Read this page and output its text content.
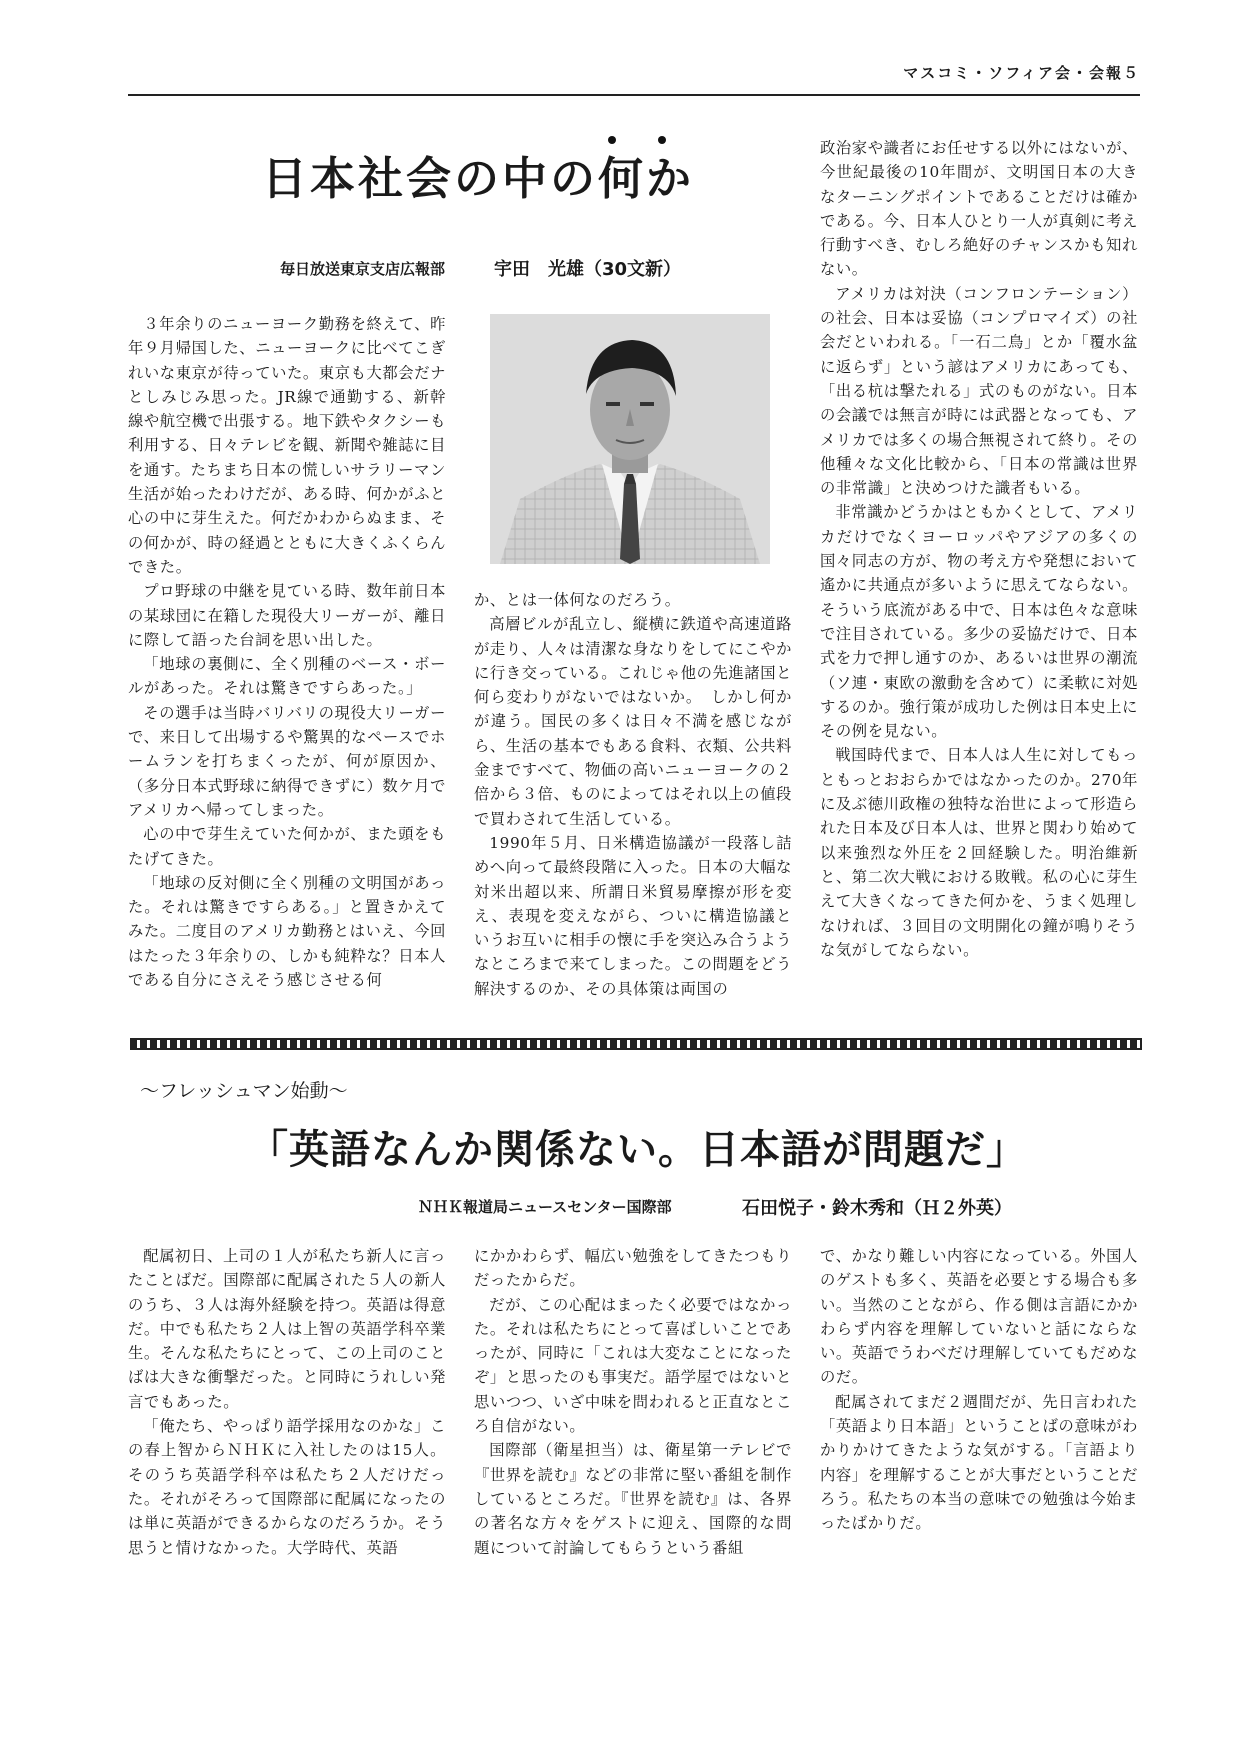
マスコミ・ソフィア会・会報５
日本社会の中の何か
毎日放送東京支店広報部	宇田　光雄（30文新）

３年余りのニューヨーク勤務を終えて、昨年９月帰国した、ニューヨークに比べてこぎれいな東京が待っていた。東京も大都会だナとしみじみ思った。JR線で通勤する、新幹線や航空機で出張する。地下鉄やタクシーも利用する、日々テレビを観、新聞や雑誌に目を通す。たちまち日本の慌しいサラリーマン生活が始ったわけだが、ある時、何かがふと心の中に芽生えた。何だかわからぬまま、その何かが、時の経過とともに大きくふくらんできた。

プロ野球の中継を見ている時、数年前日本の某球団に在籍した現役大リーガーが、離日に際して語った台詞を思い出した。

「地球の裏側に、全く別種のベース・ボールがあった。それは驚きですらあった。」

その選手は当時バリバリの現役大リーガーで、来日して出場するや驚異的なペースでホームランを打ちまくったが、何が原因か、（多分日本式野球に納得できずに）数ケ月でアメリカへ帰ってしまった。

心の中で芽生えていた何かが、また頭をもたげてきた。

「地球の反対側に全く別種の文明国があった。それは驚きですらある。」と置きかえてみた。二度目のアメリカ勤務とはいえ、今回はたった３年余りの、しかも純粋な？日本人である自分にさえそう感じさせる何

か、とは一体何なのだろう。

高層ビルが乱立し、縦横に鉄道や高速道路が走り、人々は清潔な身なりをしてにこやかに行き交っている。これじゃ他の先進諸国と何ら変わりがないではないか。　しかし何かが違う。国民の多くは日々不満を感じながら、生活の基本でもある食料、衣類、公共料金まですべて、物価の高いニューヨークの２倍から３倍、ものによってはそれ以上の値段で買わされて生活している。

1990年５月、日米構造協議が一段落し詰めへ向って最終段階に入った。日本の大幅な対米出超以来、所謂日米貿易摩擦が形を変え、表現を変えながら、ついに構造協議というお互いに相手の懐に手を突込み合うようなところまで来てしまった。この問題をどう解決するのか、その具体策は両国の

政治家や識者にお任せする以外にはないが、今世紀最後の10年間が、文明国日本の大きなターニングポイントであることだけは確かである。今、日本人ひとり一人が真剣に考え行動すべき、むしろ絶好のチャンスかも知れない。

アメリカは対決（コンフロンテーション）の社会、日本は妥協（コンプロマイズ）の社会だといわれる。「一石二鳥」とか「覆水盆に返らず」という諺はアメリカにあっても、「出る杭は撃たれる」式のものがない。日本の会議では無言が時には武器となっても、アメリカでは多くの場合無視されて終り。その他種々な文化比較から、「日本の常識は世界の非常識」と決めつけた識者もいる。

非常識かどうかはともかくとして、アメリカだけでなくヨーロッパやアジアの多くの国々同志の方が、物の考え方や発想において遙かに共通点が多いように思えてならない。そういう底流がある中で、日本は色々な意味で注目されている。多少の妥協だけで、日本式を力で押し通すのか、あるいは世界の潮流（ソ連・東欧の激動を含めて）に柔軟に対処するのか。強行策が成功した例は日本史上にその例を見ない。

戦国時代まで、日本人は人生に対してもっともっとおおらかではなかったのか。270年に及ぶ徳川政権の独特な治世によって形造られた日本及び日本人は、世界と関わり始めて以来強烈な外圧を２回経験した。明治維新と、第二次大戦における敗戦。私の心に芽生えて大きくなってきた何かを、うまく処理しなければ、３回目の文明開化の鐘が鳴りそうな気がしてならない。

～フレッシュマン始動～
「英語なんか関係ない。日本語が問題だ」
ＮＨＫ報道局ニュースセンター国際部	石田悦子・鈴木秀和（Ｈ２外英）

配属初日、上司の１人が私たち新人に言ったことばだ。国際部に配属された５人の新人のうち、３人は海外経験を持つ。英語は得意だ。中でも私たち２人は上智の英語学科卒業生。そんな私たちにとって、この上司のことばは大きな衝撃だった。と同時にうれしい発言でもあった。

「俺たち、やっぱり語学採用なのかな」この春上智からＮＨＫに入社したのは15人。そのうち英語学科卒は私たち２人だけだった。それがそろって国際部に配属になったのは単に英語ができるからなのだろうか。そう思うと情けなかった。大学時代、英語

にかかわらず、幅広い勉強をしてきたつもりだったからだ。

だが、この心配はまったく必要ではなかった。それは私たちにとって喜ばしいことであったが、同時に「これは大変なことになったぞ」と思ったのも事実だ。語学屋ではないと思いつつ、いざ中味を問われると正直なところ自信がない。

国際部（衛星担当）は、衛星第一テレビで『世界を読む』などの非常に堅い番組を制作しているところだ。『世界を読む』は、各界の著名な方々をゲストに迎え、国際的な問題について討論してもらうという番組

で、かなり難しい内容になっている。外国人のゲストも多く、英語を必要とする場合も多い。当然のことながら、作る側は言語にかかわらず内容を理解していないと話にならない。英語でうわべだけ理解していてもだめなのだ。

配属されてまだ２週間だが、先日言われた「英語より日本語」ということばの意味がわかりかけてきたような気がする。「言語より内容」を理解することが大事だということだろう。私たちの本当の意味での勉強は今始まったばかりだ。
